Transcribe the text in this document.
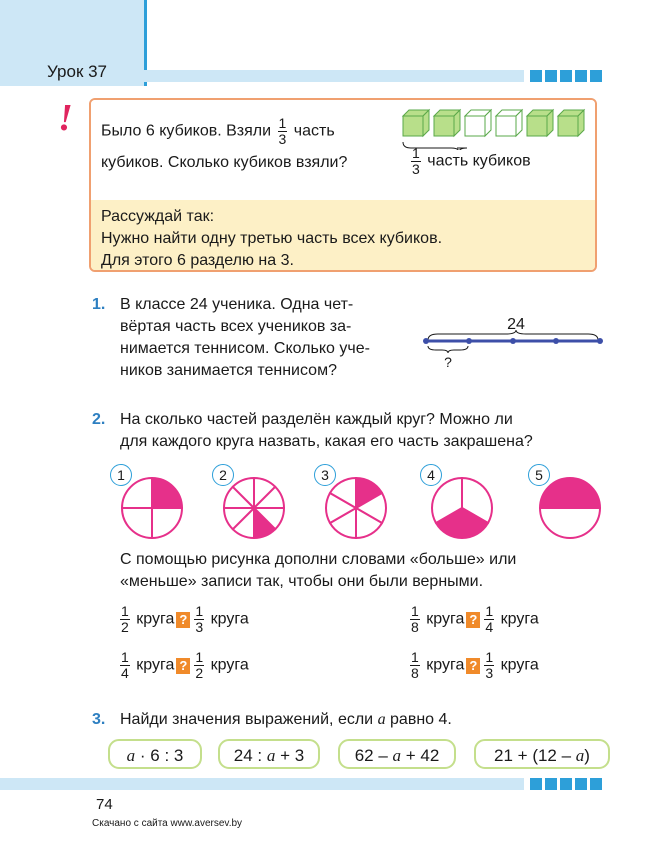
Урок 37
! Было 6 кубиков. Взяли $\frac{1}{3}$ часть
кубиков. Сколько кубиков взяли?	$\frac{1}{3}$ часть кубиков
Рассуждай так:
Нужно найти одну третью часть всех кубиков.
Для этого 6 разделю на 3.
1. В классе 24 ученика. Одна чет-
вёртая часть всех учеников за-
нимается теннисом. Сколько уче-
ников занимается теннисом?
24
?
2. На сколько частей разделён каждый круг? Можно ли
для каждого круга назвать, какая его часть закрашена?
1	2	3	4	5
С помощью рисунка дополни словами «больше» или
«меньше» записи так, чтобы они были верными.
$\frac{1}{2}$ круга ? $\frac{1}{3}$ круга	$\frac{1}{8}$ круга ? $\frac{1}{4}$ круга
$\frac{1}{4}$ круга ? $\frac{1}{2}$ круга	$\frac{1}{8}$ круга ? $\frac{1}{3}$ круга
3. Найди значения выражений, если a равно 4.
a · 6 : 3	24 : a + 3	62 – a + 42	21 + (12 – a)
74
Скачано с сайта www.aversev.by
